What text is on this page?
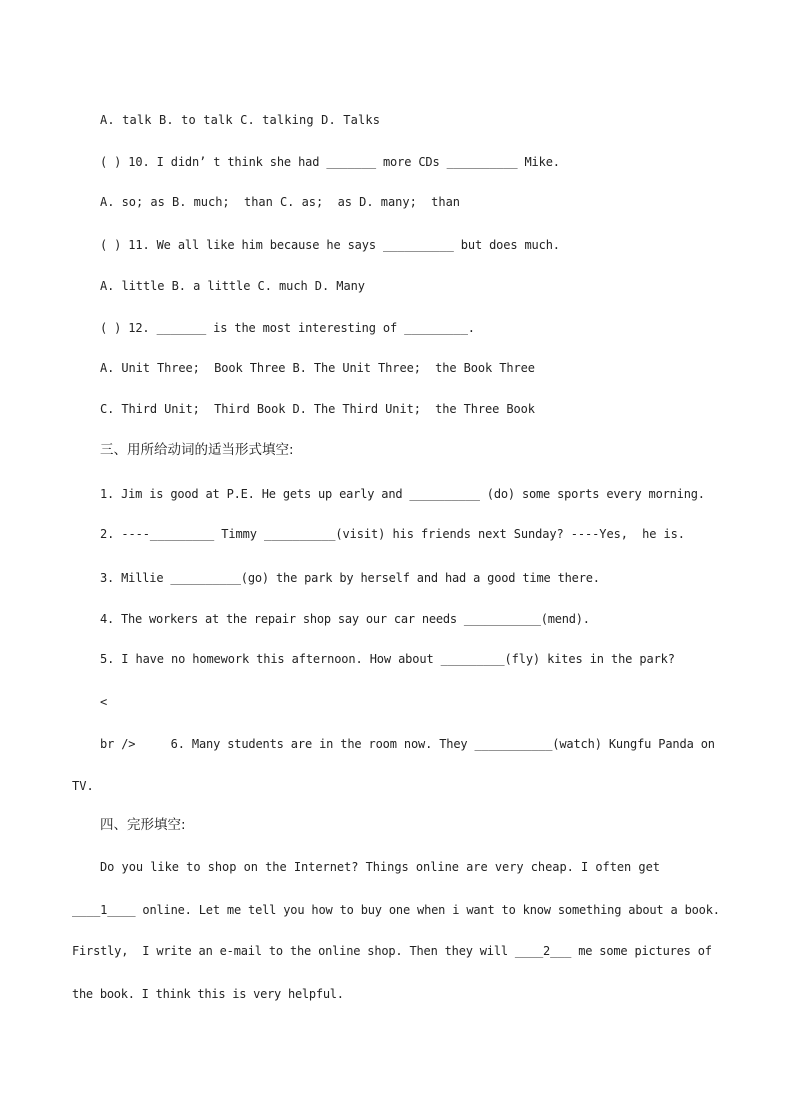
A. talk B. to talk C. talking D. Talks
( ) 10. I didn’ t think she had _______ more CDs __________ Mike.
A. so; as B. much;  than C. as;  as D. many;  than
( ) 11. We all like him because he says __________ but does much.
A. little B. a little C. much D. Many
( ) 12. _______ is the most interesting of _________.
A. Unit Three;  Book Three B. The Unit Three;  the Book Three
C. Third Unit;  Third Book D. The Third Unit;  the Three Book
三、用所给动词的适当形式填空:
1. Jim is good at P.E. He gets up early and __________ (do) some sports every morning.
2. ----_________ Timmy __________(visit) his friends next Sunday? ----Yes,  he is.
3. Millie __________(go) the park by herself and had a good time there.
4. The workers at the repair shop say our car needs ___________(mend).
5. I have no homework this afternoon. How about _________(fly) kites in the park?
<
br />     6. Many students are in the room now. They ___________(watch) Kungfu Panda on
TV.
四、完形填空:
Do you like to shop on the Internet? Things online are very cheap. I often get
____1____ online. Let me tell you how to buy one when i want to know something about a book.
Firstly,  I write an e-mail to the online shop. Then they will ____2___ me some pictures of
the book. I think this is very helpful.
